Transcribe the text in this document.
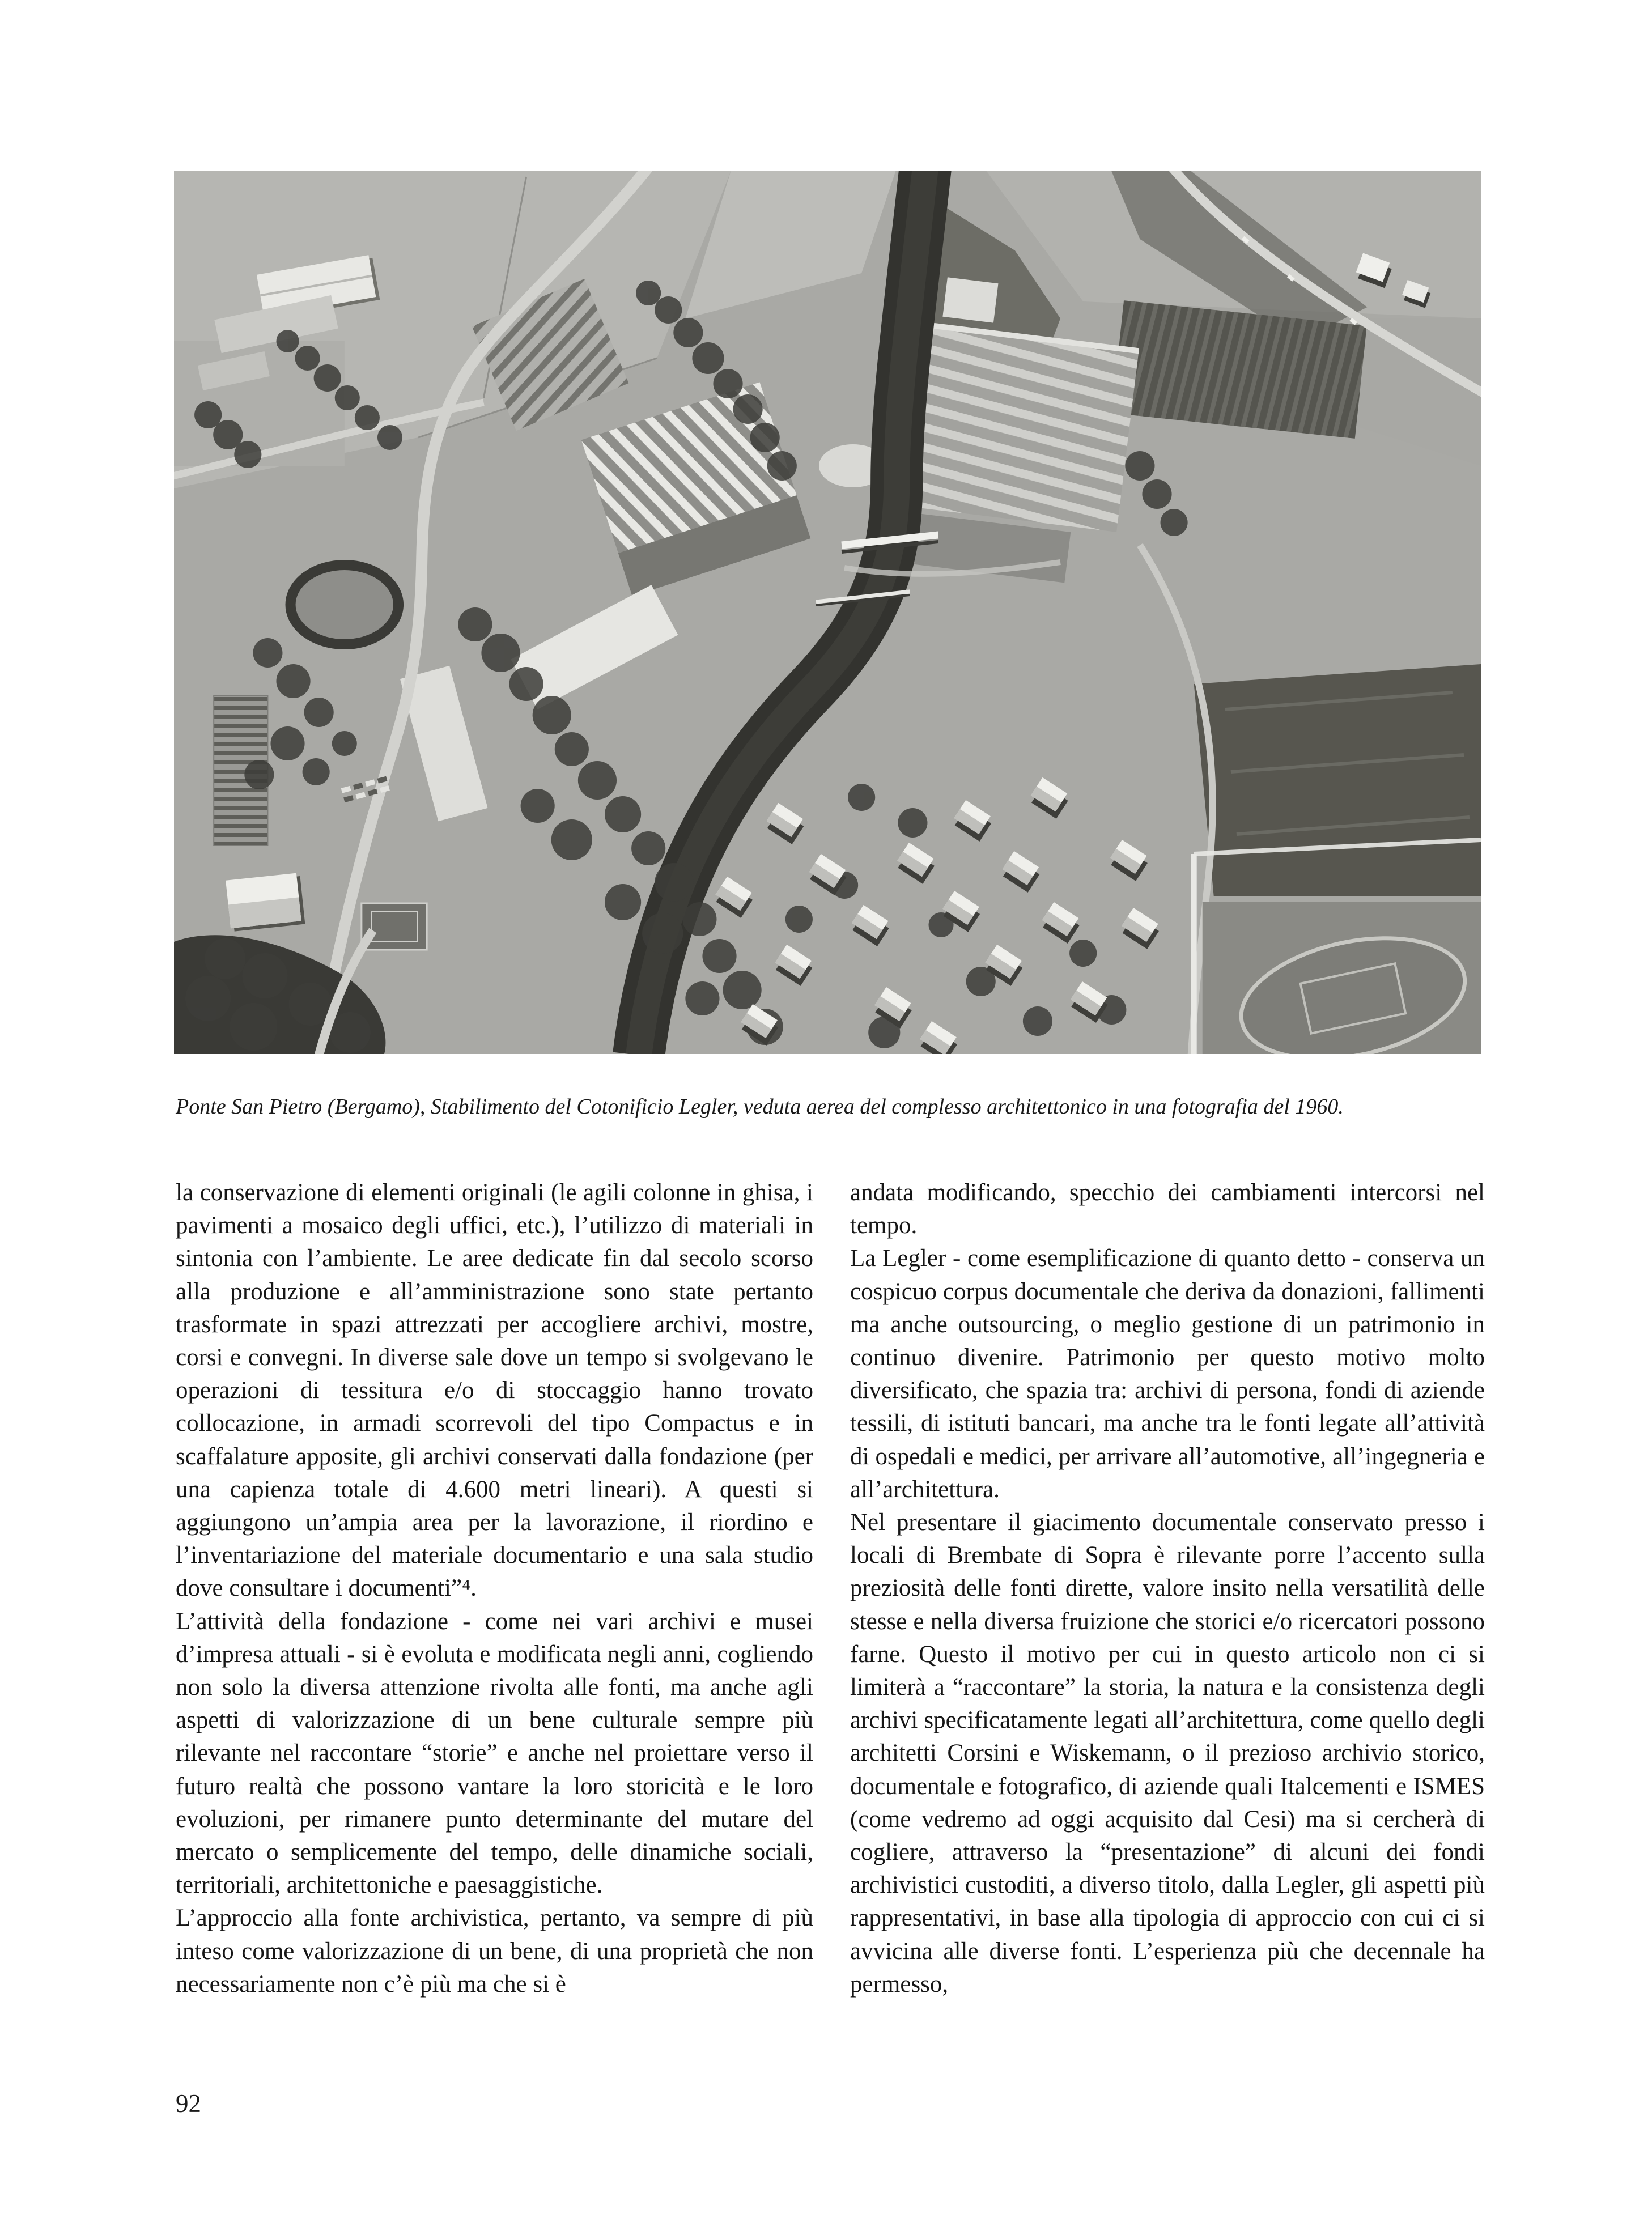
Ponte San Pietro (Bergamo), Stabilimento del Cotonificio Legler, veduta aerea del complesso architettonico in una fotografia del 1960.

la conservazione di elementi originali (le agili colonne in ghisa, i pavimenti a mosaico degli uffici, etc.), l’utilizzo di materiali in sintonia con l’ambiente. Le aree dedicate fin dal secolo scorso alla produzione e all’amministrazione sono state pertanto trasformate in spazi attrezzati per accogliere archivi, mostre, corsi e convegni. In diverse sale dove un tempo si svolgevano le operazioni di tessitura e/o di stoccaggio hanno trovato collocazione, in armadi scorrevoli del tipo Compactus e in scaffalature apposite, gli archivi conservati dalla fondazione (per una capienza totale di 4.600 metri lineari). A questi si aggiungono un’ampia area per la lavorazione, il riordino e l’inventariazione del materiale documentario e una sala studio dove consultare i documenti”⁴.

L’attività della fondazione - come nei vari archivi e musei d’impresa attuali - si è evoluta e modificata negli anni, cogliendo non solo la diversa attenzione rivolta alle fonti, ma anche agli aspetti di valorizzazione di un bene culturale sempre più rilevante nel raccontare “storie” e anche nel proiettare verso il futuro realtà che possono vantare la loro storicità e le loro evoluzioni, per rimanere punto determinante del mutare del mercato o semplicemente del tempo, delle dinamiche sociali, territoriali, architettoniche e paesaggistiche.

L’approccio alla fonte archivistica, pertanto, va sempre di più inteso come valorizzazione di un bene, di una proprietà che non necessariamente non c’è più ma che si è

andata modificando, specchio dei cambiamenti intercorsi nel tempo.

La Legler - come esemplificazione di quanto detto - conserva un cospicuo corpus documentale che deriva da donazioni, fallimenti ma anche outsourcing, o meglio gestione di un patrimonio in continuo divenire. Patrimonio per questo motivo molto diversificato, che spazia tra: archivi di persona, fondi di aziende tessili, di istituti bancari, ma anche tra le fonti legate all’attività di ospedali e medici, per arrivare all’automotive, all’ingegneria e all’architettura.

Nel presentare il giacimento documentale conservato presso i locali di Brembate di Sopra è rilevante porre l’accento sulla preziosità delle fonti dirette, valore insito nella versatilità delle stesse e nella diversa fruizione che storici e/o ricercatori possono farne. Questo il motivo per cui in questo articolo non ci si limiterà a “raccontare” la storia, la natura e la consistenza degli archivi specificatamente legati all’architettura, come quello degli architetti Corsini e Wiskemann, o il prezioso archivio storico, documentale e fotografico, di aziende quali Italcementi e ISMES (come vedremo ad oggi acquisito dal Cesi) ma si cercherà di cogliere, attraverso la “presentazione” di alcuni dei fondi archivistici custoditi, a diverso titolo, dalla Legler, gli aspetti più rappresentativi, in base alla tipologia di approccio con cui ci si avvicina alle diverse fonti. L’esperienza più che decennale ha permesso,

92
